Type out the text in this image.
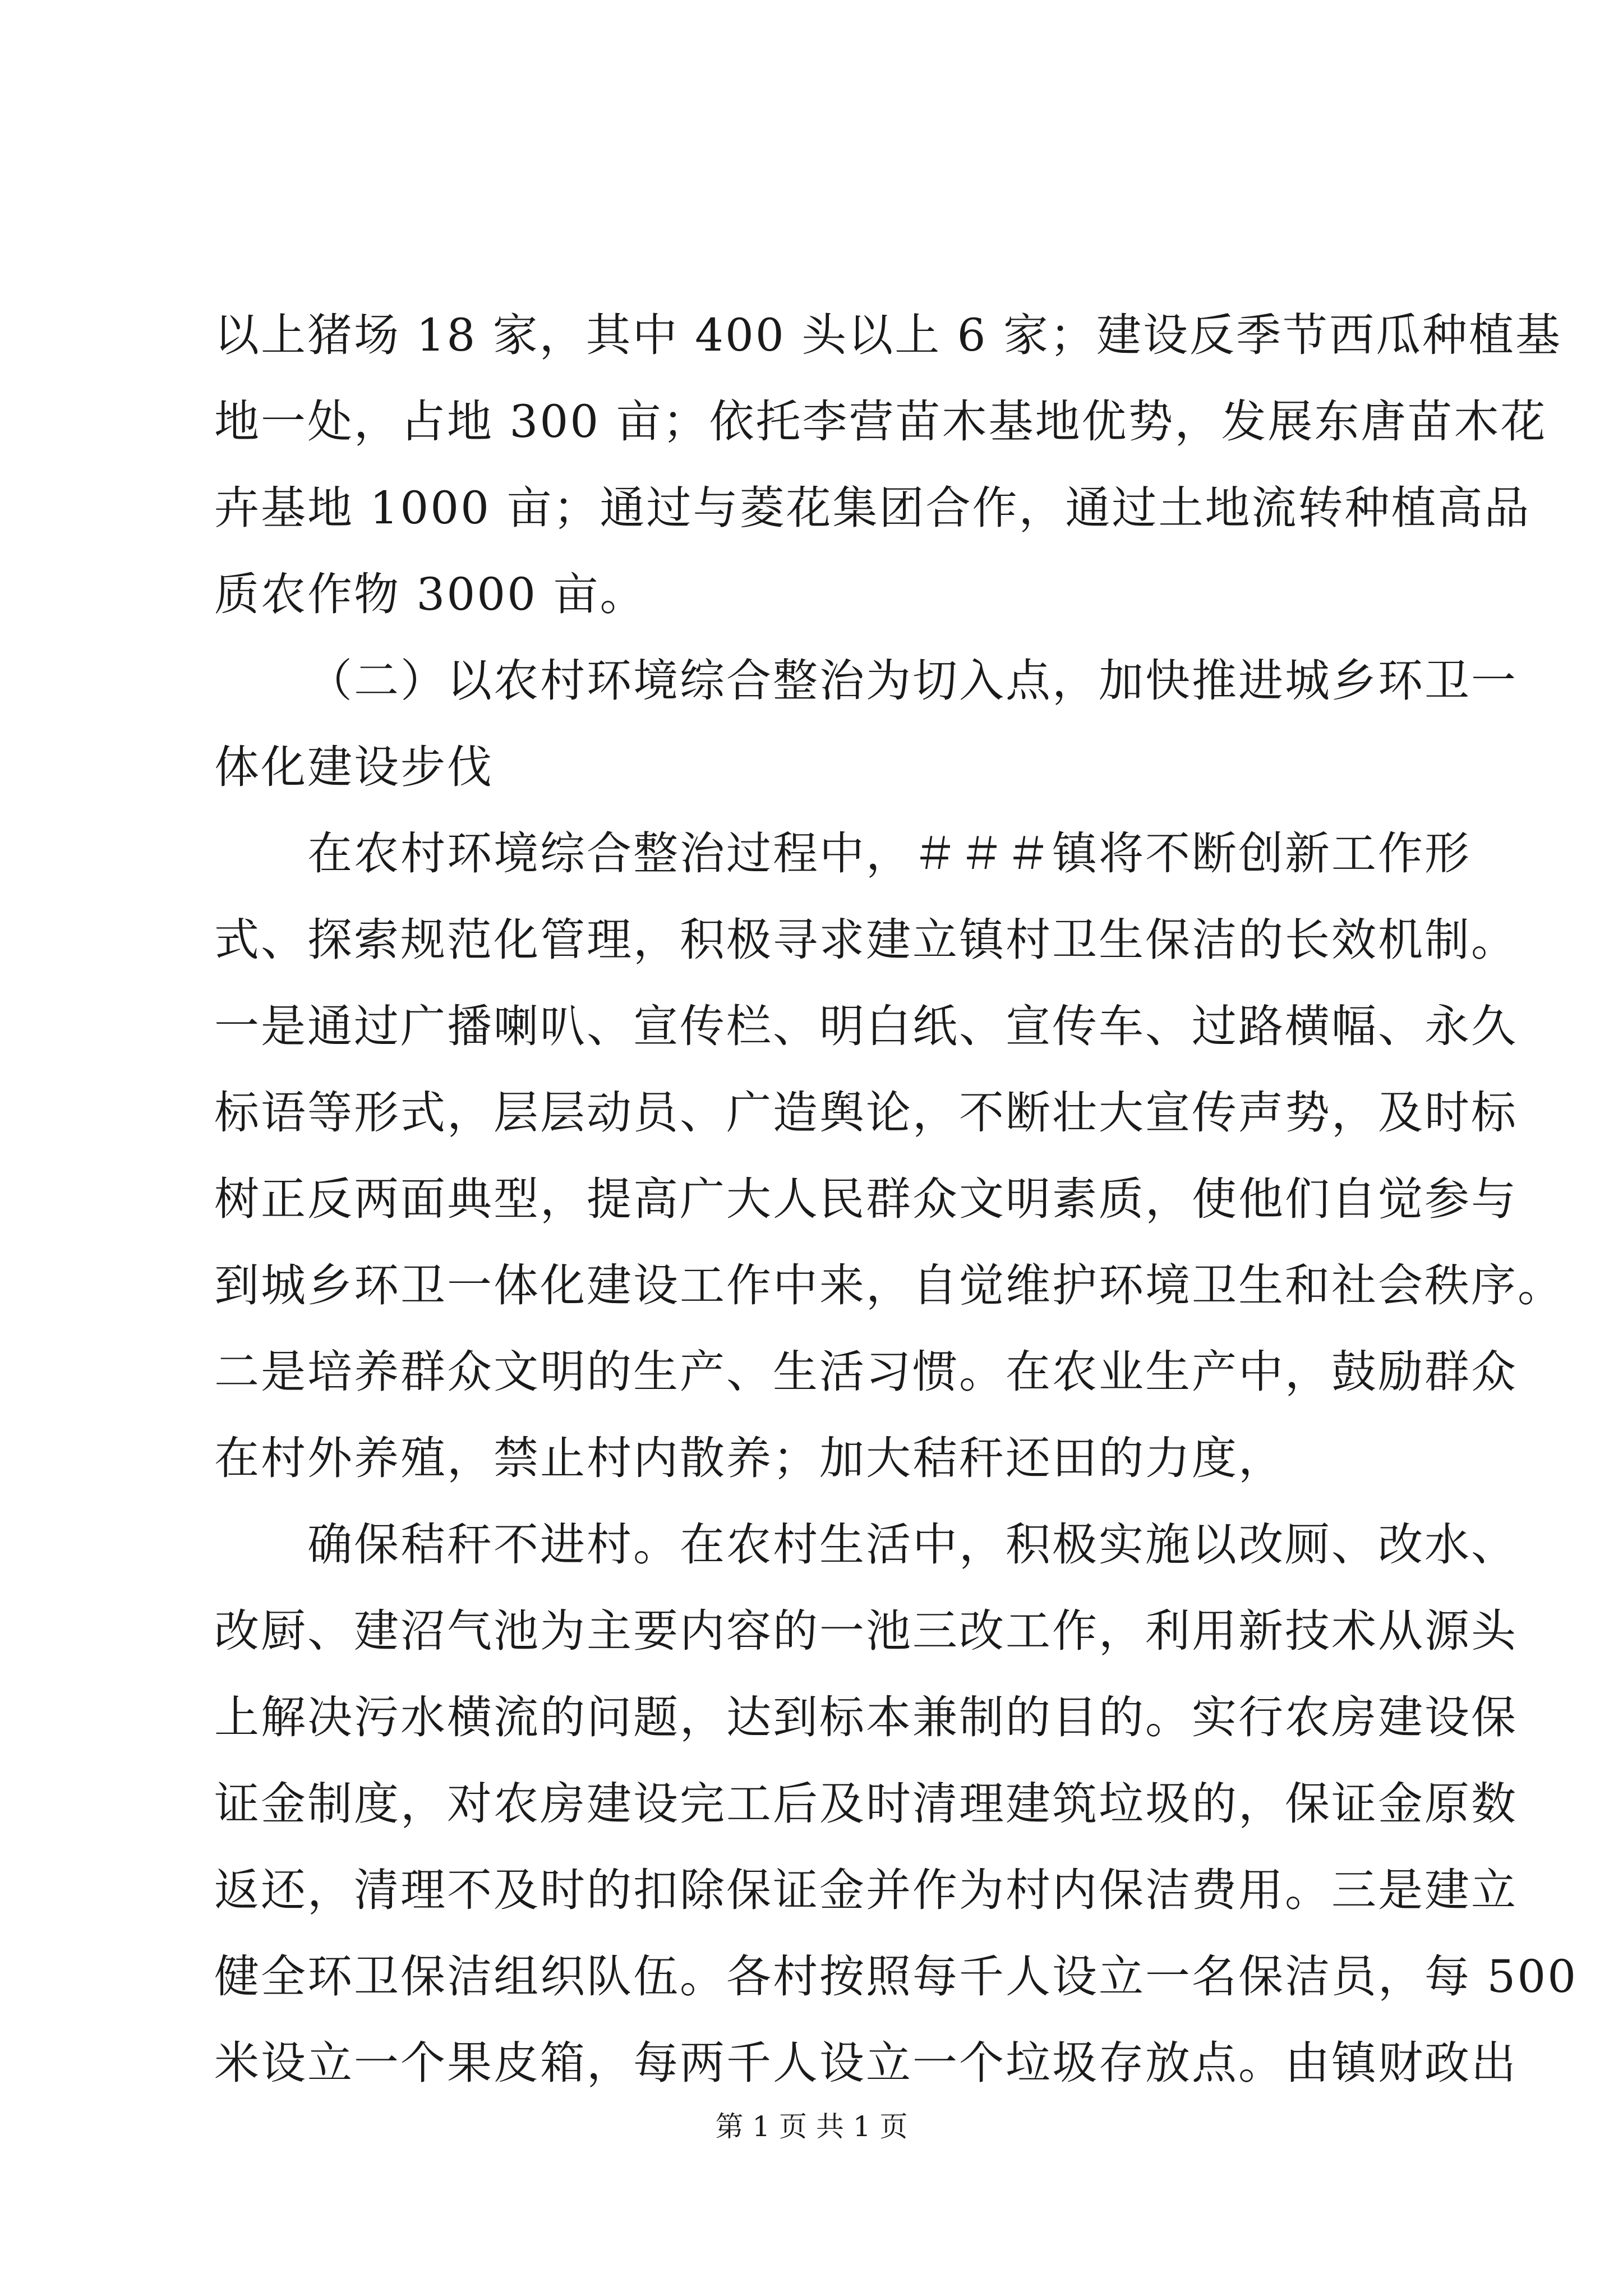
以上猪场 18 家，其中 400 头以上 6 家；建设反季节西瓜种植基
地一处，占地 300 亩；依托李营苗木基地优势，发展东唐苗木花
卉基地 1000 亩；通过与菱花集团合作，通过土地流转种植高品
质农作物 3000 亩。
（二）以农村环境综合整治为切入点，加快推进城乡环卫一
体化建设步伐
在农村环境综合整治过程中，＃＃＃镇将不断创新工作形
式、探索规范化管理，积极寻求建立镇村卫生保洁的长效机制。
一是通过广播喇叭、宣传栏、明白纸、宣传车、过路横幅、永久
标语等形式，层层动员、广造舆论，不断壮大宣传声势，及时标
树正反两面典型，提高广大人民群众文明素质，使他们自觉参与
到城乡环卫一体化建设工作中来，自觉维护环境卫生和社会秩序。
二是培养群众文明的生产、生活习惯。在农业生产中，鼓励群众
在村外养殖，禁止村内散养；加大秸秆还田的力度，
确保秸秆不进村。在农村生活中，积极实施以改厕、改水、
改厨、建沼气池为主要内容的一池三改工作，利用新技术从源头
上解决污水横流的问题，达到标本兼制的目的。实行农房建设保
证金制度，对农房建设完工后及时清理建筑垃圾的，保证金原数
返还，清理不及时的扣除保证金并作为村内保洁费用。三是建立
健全环卫保洁组织队伍。各村按照每千人设立一名保洁员，每 500
米设立一个果皮箱，每两千人设立一个垃圾存放点。由镇财政出
第 1 页 共 1 页
